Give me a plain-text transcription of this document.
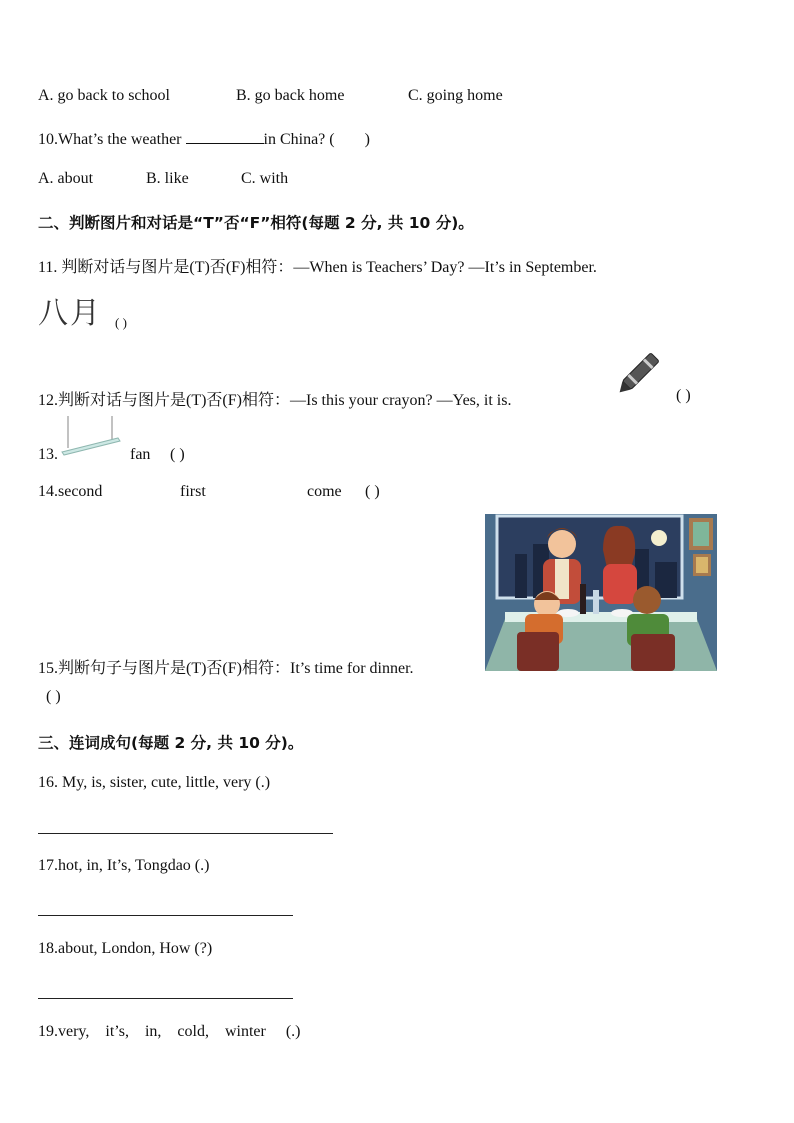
A. go back to school	B. go back home	C. going home
10.What’s the weather	in China? ( )
A. about	B. like	C. with
二、判断图片和对话是“T”否“F”相符(每题 2 分, 共 10 分)。
11. 判断对话与图片是(T)否(F)相符：—When is Teachers’ Day? —It’s in September.
八月 ( )
12.判断对话与图片是(T)否(F)相符：—Is this your crayon? —Yes, it is.	( )
13.	fan ( )
14.second	first	come ( )
15.判断句子与图片是(T)否(F)相符：It’s time for dinner.
( )
三、连词成句(每题 2 分, 共 10 分)。
16. My, is, sister, cute, little, very (.)
17.hot, in, It’s, Tongdao (.)
18.about, London, How (?)
19.very,    it’s,    in,    cold,    winter     (.)
